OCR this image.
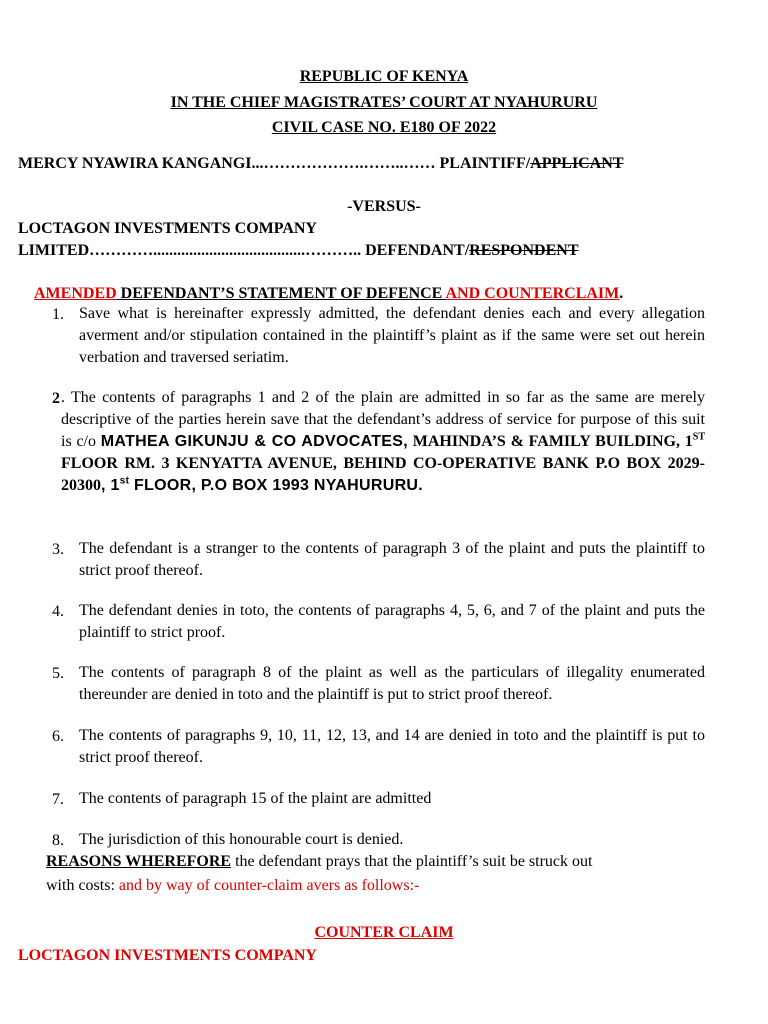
REPUBLIC OF KENYA
IN THE CHIEF MAGISTRATES’ COURT AT NYAHURURU
CIVIL CASE NO. E180 OF 2022
MERCY NYAWIRA KANGANGI...……………….……..…… PLAINTIFF/APPLICANT
-VERSUS-
LOCTAGON INVESTMENTS COMPANY
LIMITED…………......................................……….. DEFENDANT/RESPONDENT
AMENDED DEFENDANT’S STATEMENT OF DEFENCE AND COUNTERCLAIM.
1. Save what is hereinafter expressly admitted, the defendant denies each and every allegation averment and/or stipulation contained in the plaintiff’s plaint as if the same were set out herein verbation and traversed seriatim.
2 . The contents of paragraphs 1 and 2 of the plain are admitted in so far as the same are merely descriptive of the parties herein save that the defendant’s address of service for purpose of this suit is c/o MATHEA GIKUNJU & CO ADVOCATES, MAHINDA’S & FAMILY BUILDING, 1ST FLOOR RM. 3 KENYATTA AVENUE, BEHIND CO-OPERATIVE BANK P.O BOX 2029-20300, 1st FLOOR, P.O BOX 1993 NYAHURURU.
3. The defendant is a stranger to the contents of paragraph 3 of the plaint and puts the plaintiff to strict proof thereof.
4. The defendant denies in toto, the contents of paragraphs 4, 5, 6, and 7 of the plaint and puts the plaintiff to strict proof.
5. The contents of paragraph 8 of the plaint as well as the particulars of illegality enumerated thereunder are denied in toto and the plaintiff is put to strict proof thereof.
6. The contents of paragraphs 9, 10, 11, 12, 13, and 14 are denied in toto and the plaintiff is put to strict proof thereof.
7. The contents of paragraph 15 of the plaint are admitted
8. The jurisdiction of this honourable court is denied.
REASONS WHEREFORE the defendant prays that the plaintiff’s suit be struck out
with costs: and by way of counter-claim avers as follows:-
COUNTER CLAIM
LOCTAGON INVESTMENTS COMPANY
